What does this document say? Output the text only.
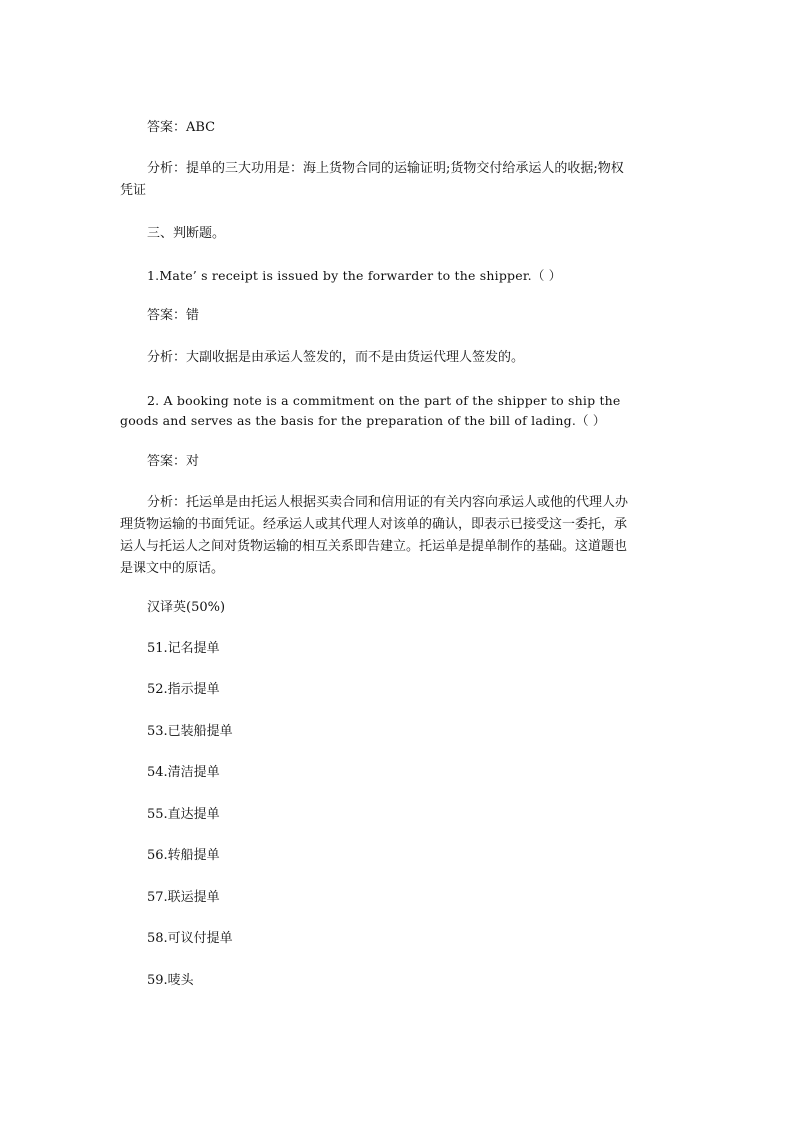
答案：ABC
分析：提单的三大功用是：海上货物合同的运输证明;货物交付给承运人的收据;物权
凭证
三、判断题。
1.Mate’ s receipt is issued by the forwarder to the shipper.（ ）
答案：错
分析：大副收据是由承运人签发的，而不是由货运代理人签发的。
2. A booking note is a commitment on the part of the shipper to ship the
goods and serves as the basis for the preparation of the bill of lading.（ ）
答案：对
分析：托运单是由托运人根据买卖合同和信用证的有关内容向承运人或他的代理人办
理货物运输的书面凭证。经承运人或其代理人对该单的确认，即表示已接受这一委托，承
运人与托运人之间对货物运输的相互关系即告建立。托运单是提单制作的基础。这道题也
是课文中的原话。
汉译英(50%)
51.记名提单
52.指示提单
53.已装船提单
54.清洁提单
55.直达提单
56.转船提单
57.联运提单
58.可议付提单
59.唛头
